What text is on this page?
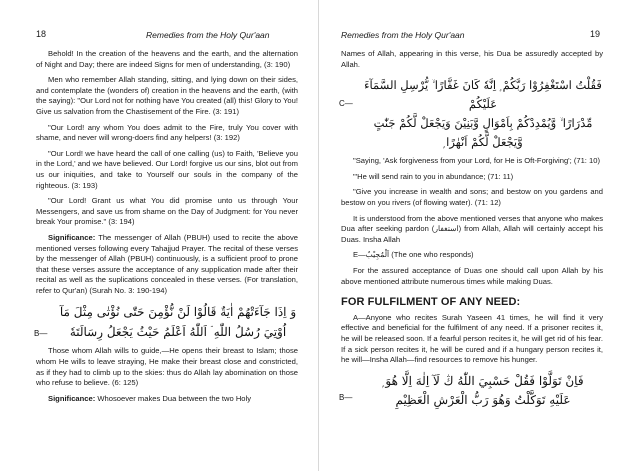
18	Remedies from the Holy Qur'aan

Behold! In the creation of the heavens and the earth, and the alternation of Night and Day; there are indeed Signs for men of understanding, (3: 190)

Men who remember Allah standing, sitting, and lying down on their sides, and contemplate the (wonders of) creation in the heavens and the earth, (with the saying): "Our Lord not for nothing have You created (all) this! Glory to You! Give us salvation from the Chastisement of the Fire. (3: 191)

"Our Lord! any whom You does admit to the Fire, truly You cover with shame, and never will wrong-doers find any helpers! (3: 192)

"Our Lord! we have heard the call of one calling (us) to Faith, 'Believe you in the Lord,' and we have believed. Our Lord! forgive us our sins, blot out from us our iniquities, and take to Yourself our souls in the company of the righteous. (3: 193)

"Our Lord! Grant us what You did promise unto us through Your Messengers, and save us from shame on the Day of Judgment: for You never break Your promise." (3: 194)

Significance: The messenger of Allah (PBUH) used to recite the above mentioned verses following every Tahajjud Prayer. The recital of these verses by the messenger of Allah (PBUH) continuously, is a sufficient proof to prone that these verses assure the acceptance of any supplication made after their recital as well as the suplications concealed in these verses. (For translation, refer to Qur'an) (Surah No. 3: 190-194)

B—
وَ اِذَا جَآءَتْهُمْ اٰيَةٌ قَالُوْا لَنْ نُّؤْمِنَ حَتّٰى نُؤْتٰى مِثْلَ مَآ
اُوْتِيَ رُسُلُ اللّٰهِ ۘ اَللّٰهُ اَعْلَمُ حَيْثُ يَجْعَلُ رِسَالَتَهٗ

Those whom Allah wills to guide,—He opens their breast to Islam; those whom He wills to leave straying, He make their breast close and constricted, as if they had to climb up to the skies: thus do Allah lay abomination on those who refuse to believe. (6: 125)

Significance: Whosoever makes Dua between the two Holy

Remedies from the Holy Qur'aan	19

Names of Allah, appearing in this verse, his Dua be assuredly accepted by Allah.

C—
فَقُلْتُ اسْتَغْفِرُوْا رَبَّكُمْ ۭ اِنَّهٗ كَانَ غَفَّارًا ۙ يُّرْسِلِ السَّمَآءَ عَلَيْكُمْ
مِّدْرَارًا ۙ وَّيُمْدِدْكُمْ بِاَمْوَالٍ وَّبَنِيْنَ وَيَجْعَلْ لَّكُمْ جَنّٰتٍ
وَّيَجْعَلْ لَّكُمْ اَنْهٰرًا ۭ

"Saying, 'Ask forgiveness from your Lord, for He is Oft-Forgiving'; (71: 10)

"'He will send rain to you in abundance; (71: 11)

"Give you increase in wealth and sons; and bestow on you gardens and bestow on you rivers (of flowing water). (71: 12)

It is understood from the above mentioned verses that anyone who makes Dua after seeking pardon (استغفار) from Allah, Allah will certainly accept his Duas. Insha Allah

E—اَلْمُجِيْبُ (The one who responds)

For the assured acceptance of Duas one should call upon Allah by his above mentioned attribute numerous times while making Duas.

FOR FULFILMENT OF ANY NEED:

A—Anyone who recites Surah Yaseen 41 times, he will find it very effective and beneficial for the fulfilment of any need. If a prisoner recites it, he will be released soon. If a fearful person recites it, he will get rid of his fear. If a sick person recites it, he will be cured and if a hungary person recites it, he will—Insha Allah—find resources to remove his hunger.

B—
فَاِنْ تَوَلَّوْا فَقُلْ حَسْبِيَ اللّٰهُ ڭ لَآ اِلٰهَ اِلَّا هُوَ ۭ
عَلَيْهِ تَوَكَّلْتُ وَهُوَ رَبُّ الْعَرْشِ الْعَظِيْمِ
